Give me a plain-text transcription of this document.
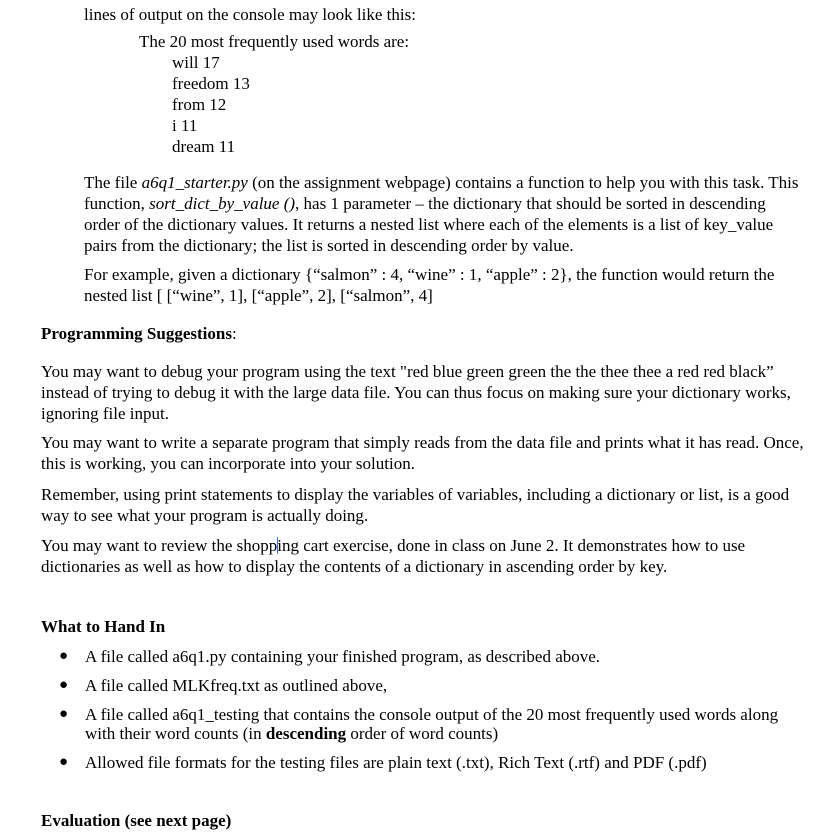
lines of output on the console may look like this:

The 20 most frequently used words are:

will 17

freedom 13

from 12

i 11

dream 11

The file a6q1_starter.py (on the assignment webpage) contains a function to help you with this task. This function, sort_dict_by_value (), has 1 parameter – the dictionary that should be sorted in descending order of the dictionary values. It returns a nested list where each of the elements is a list of key_value pairs from the dictionary; the list is sorted in descending order by value.

For example, given a dictionary {“salmon” : 4, “wine” : 1, “apple” : 2}, the function would return the nested list [ [“wine”, 1], [“apple”, 2], [“salmon”, 4]

Programming Suggestions:

You may want to debug your program using the text "red blue green green the the thee thee a red red black” instead of trying to debug it with the large data file. You can thus focus on making sure your dictionary works, ignoring file input.

You may want to write a separate program that simply reads from the data file and prints what it has read. Once, this is working, you can incorporate into your solution.

Remember, using print statements to display the variables of variables, including a dictionary or list, is a good way to see what your program is actually doing.

You may want to review the shopping cart exercise, done in class on June 2. It demonstrates how to use dictionaries as well as how to display the contents of a dictionary in ascending order by key.

What to Hand In

● A file called a6q1.py containing your finished program, as described above.
● A file called MLKfreq.txt as outlined above,
● A file called a6q1_testing that contains the console output of the 20 most frequently used words along with their word counts (in descending order of word counts)
● Allowed file formats for the testing files are plain text (.txt), Rich Text (.rtf) and PDF (.pdf)

Evaluation (see next page)
